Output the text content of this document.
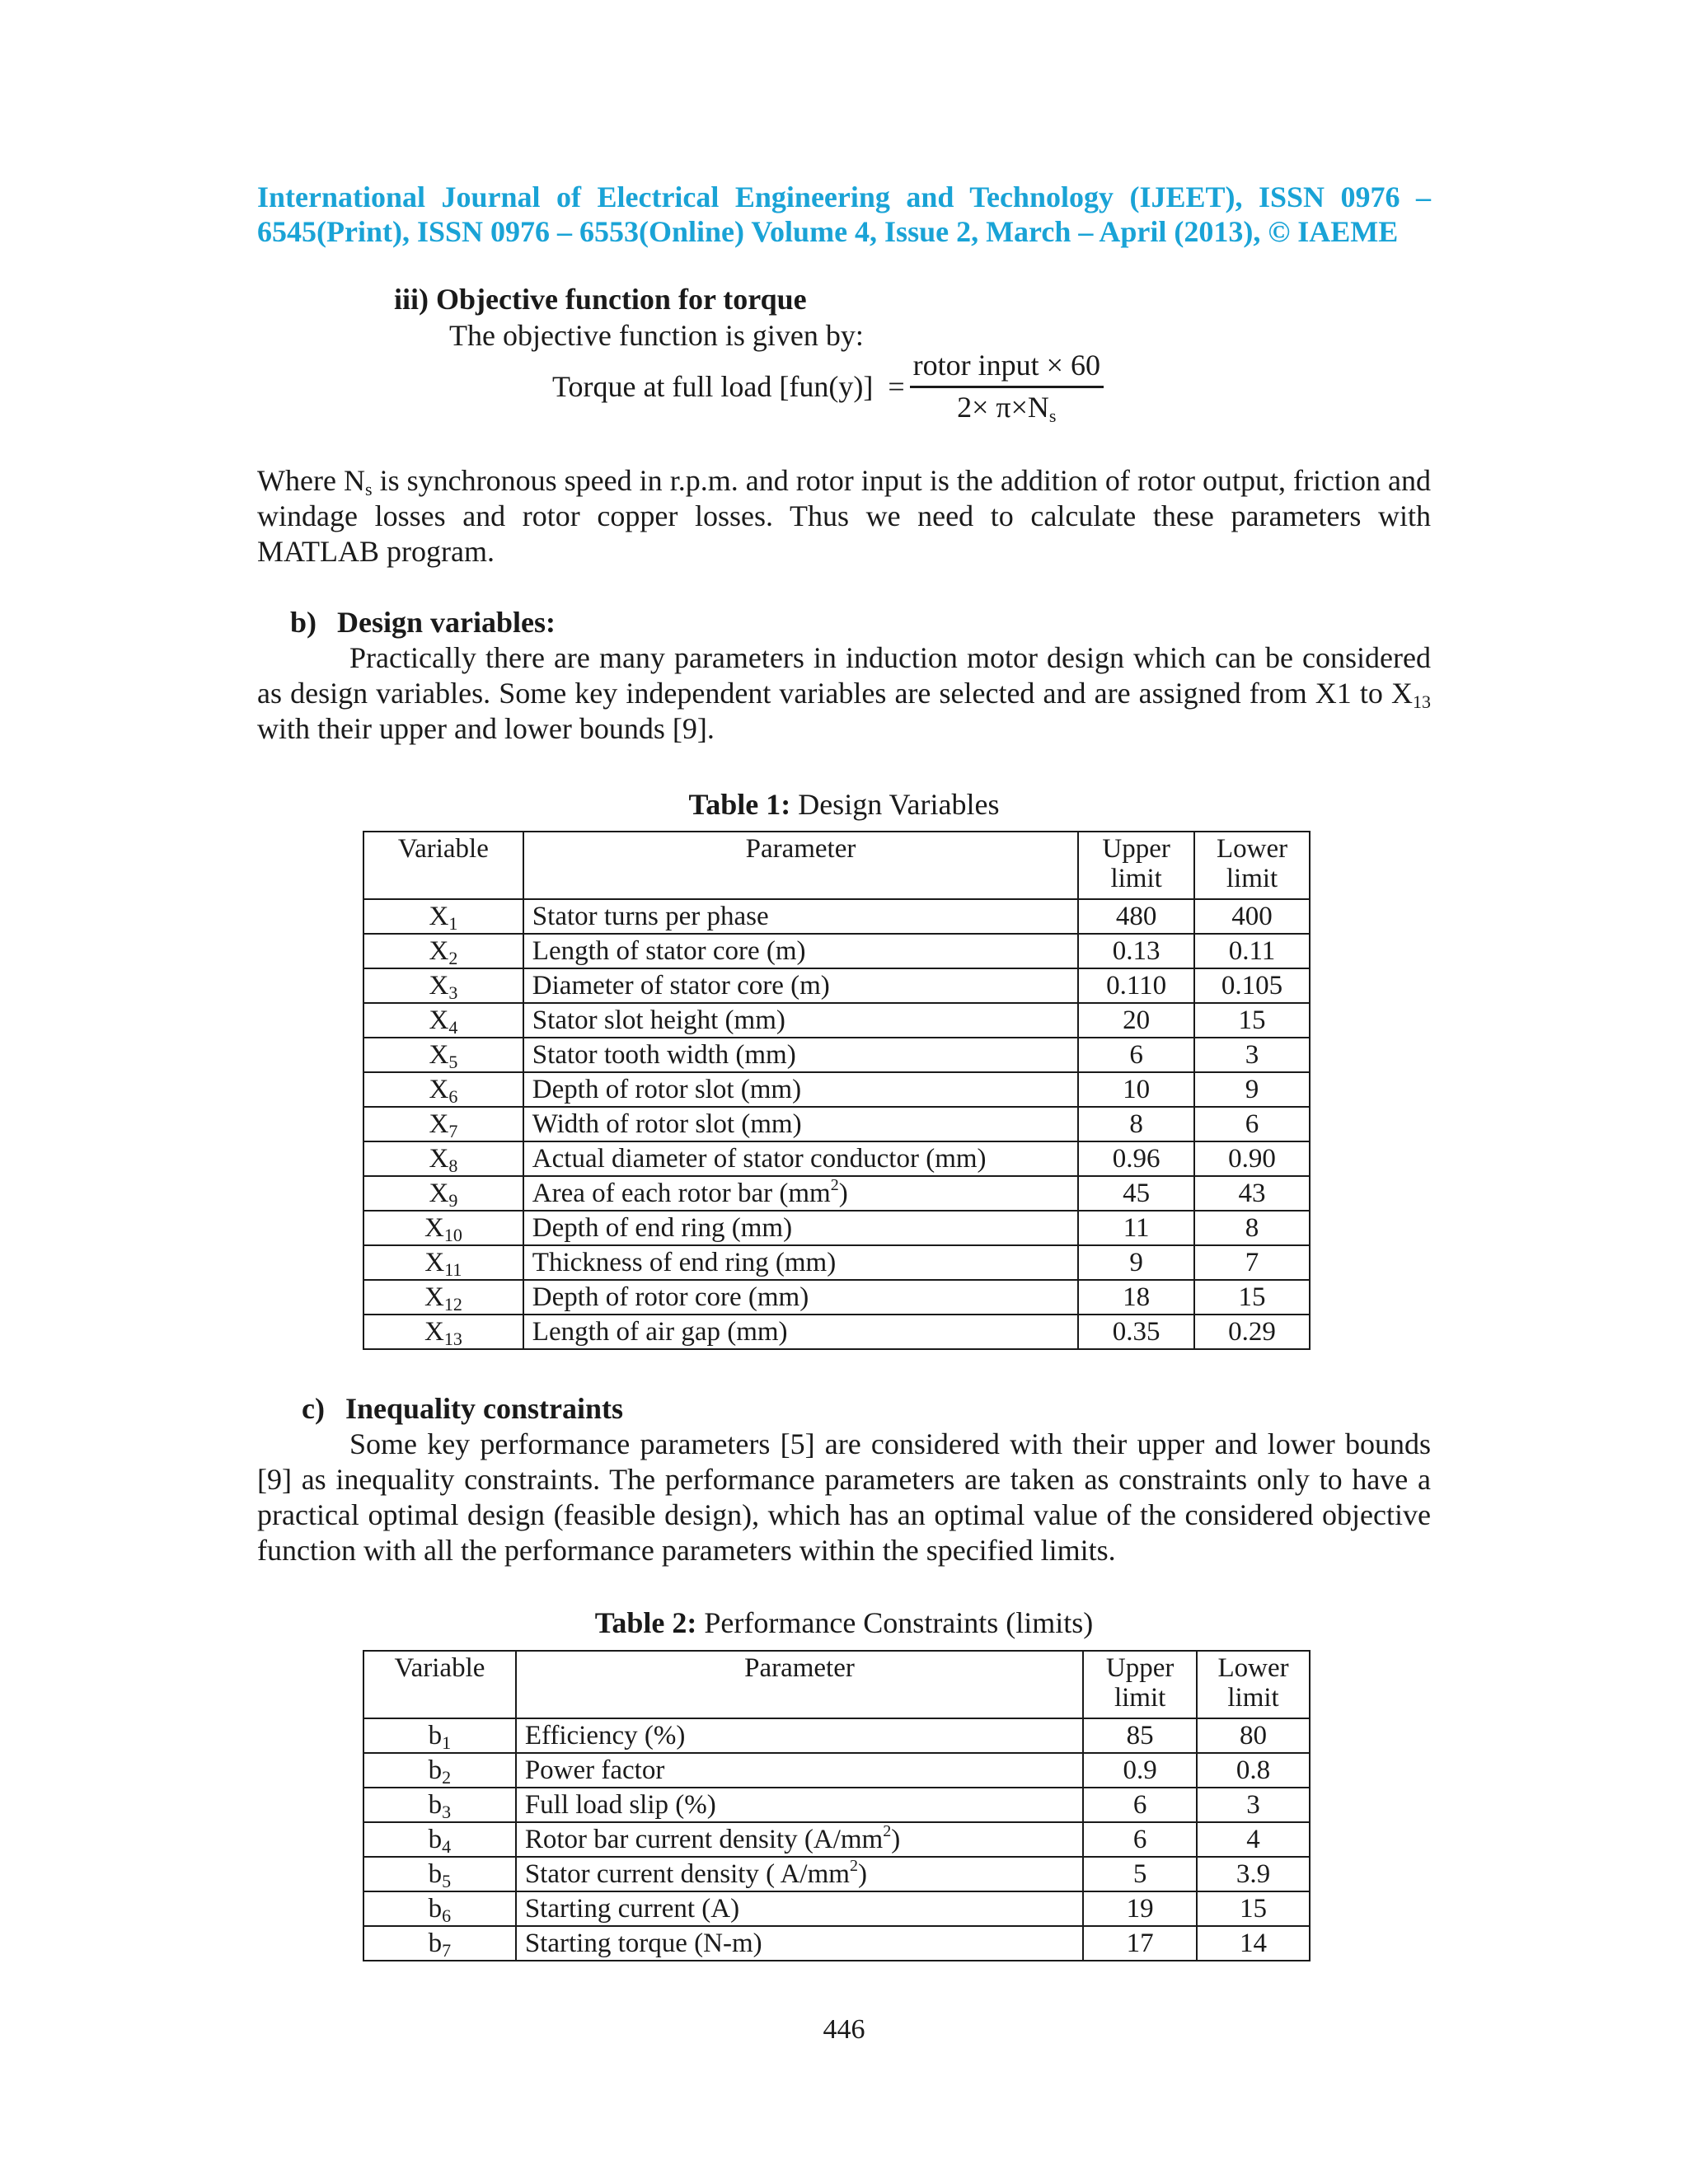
International Journal of Electrical Engineering and Technology (IJEET), ISSN 0976 –
6545(Print), ISSN 0976 – 6553(Online) Volume 4, Issue 2, March – April (2013), © IAEME
iii) Objective function for torque
The objective function is given by:
Torque at full load $[fun(y)] = \frac{\text{rotor input × 60}}{2\times \pi\times N_s}$
Where $N_s$ is synchronous speed in r.p.m. and rotor input is the addition of rotor output, friction and windage losses and rotor copper losses. Thus we need to calculate these parameters with MATLAB program.
b) Design variables:
Practically there are many parameters in induction motor design which can be considered as design variables. Some key independent variables are selected and are assigned from X1 to $X_{13}$ with their upper and lower bounds [9].
Table 1: Design Variables
Variable	Parameter	Upper limit	Lower limit
$X_1$	Stator turns per phase	480	400
$X_2$	Length of stator core (m)	0.13	0.11
$X_3$	Diameter of stator core (m)	0.110	0.105
$X_4$	Stator slot height (mm)	20	15
$X_5$	Stator tooth width (mm)	6	3
$X_6$	Depth of rotor slot (mm)	10	9
$X_7$	Width of rotor slot (mm)	8	6
$X_8$	Actual diameter of stator conductor (mm)	0.96	0.90
$X_9$	Area of each rotor bar $(mm^2)$	45	43
$X_{10}$	Depth of end ring (mm)	11	8
$X_{11}$	Thickness of end ring (mm)	9	7
$X_{12}$	Depth of rotor core (mm)	18	15
$X_{13}$	Length of air gap (mm)	0.35	0.29
c) Inequality constraints
Some key performance parameters [5] are considered with their upper and lower bounds [9] as inequality constraints. The performance parameters are taken as constraints only to have a practical optimal design (feasible design), which has an optimal value of the considered objective function with all the performance parameters within the specified limits.
Table 2: Performance Constraints (limits)
Variable	Parameter	Upper limit	Lower limit
$b_1$	Efficiency (%)	85	80
$b_2$	Power factor	0.9	0.8
$b_3$	Full load slip (%)	6	3
$b_4$	Rotor bar current density $(A/mm^2)$	6	4
$b_5$	Stator current density ( $A/mm^2$)	5	3.9
$b_6$	Starting current (A)	19	15
$b_7$	Starting torque (N-m)	17	14
446
